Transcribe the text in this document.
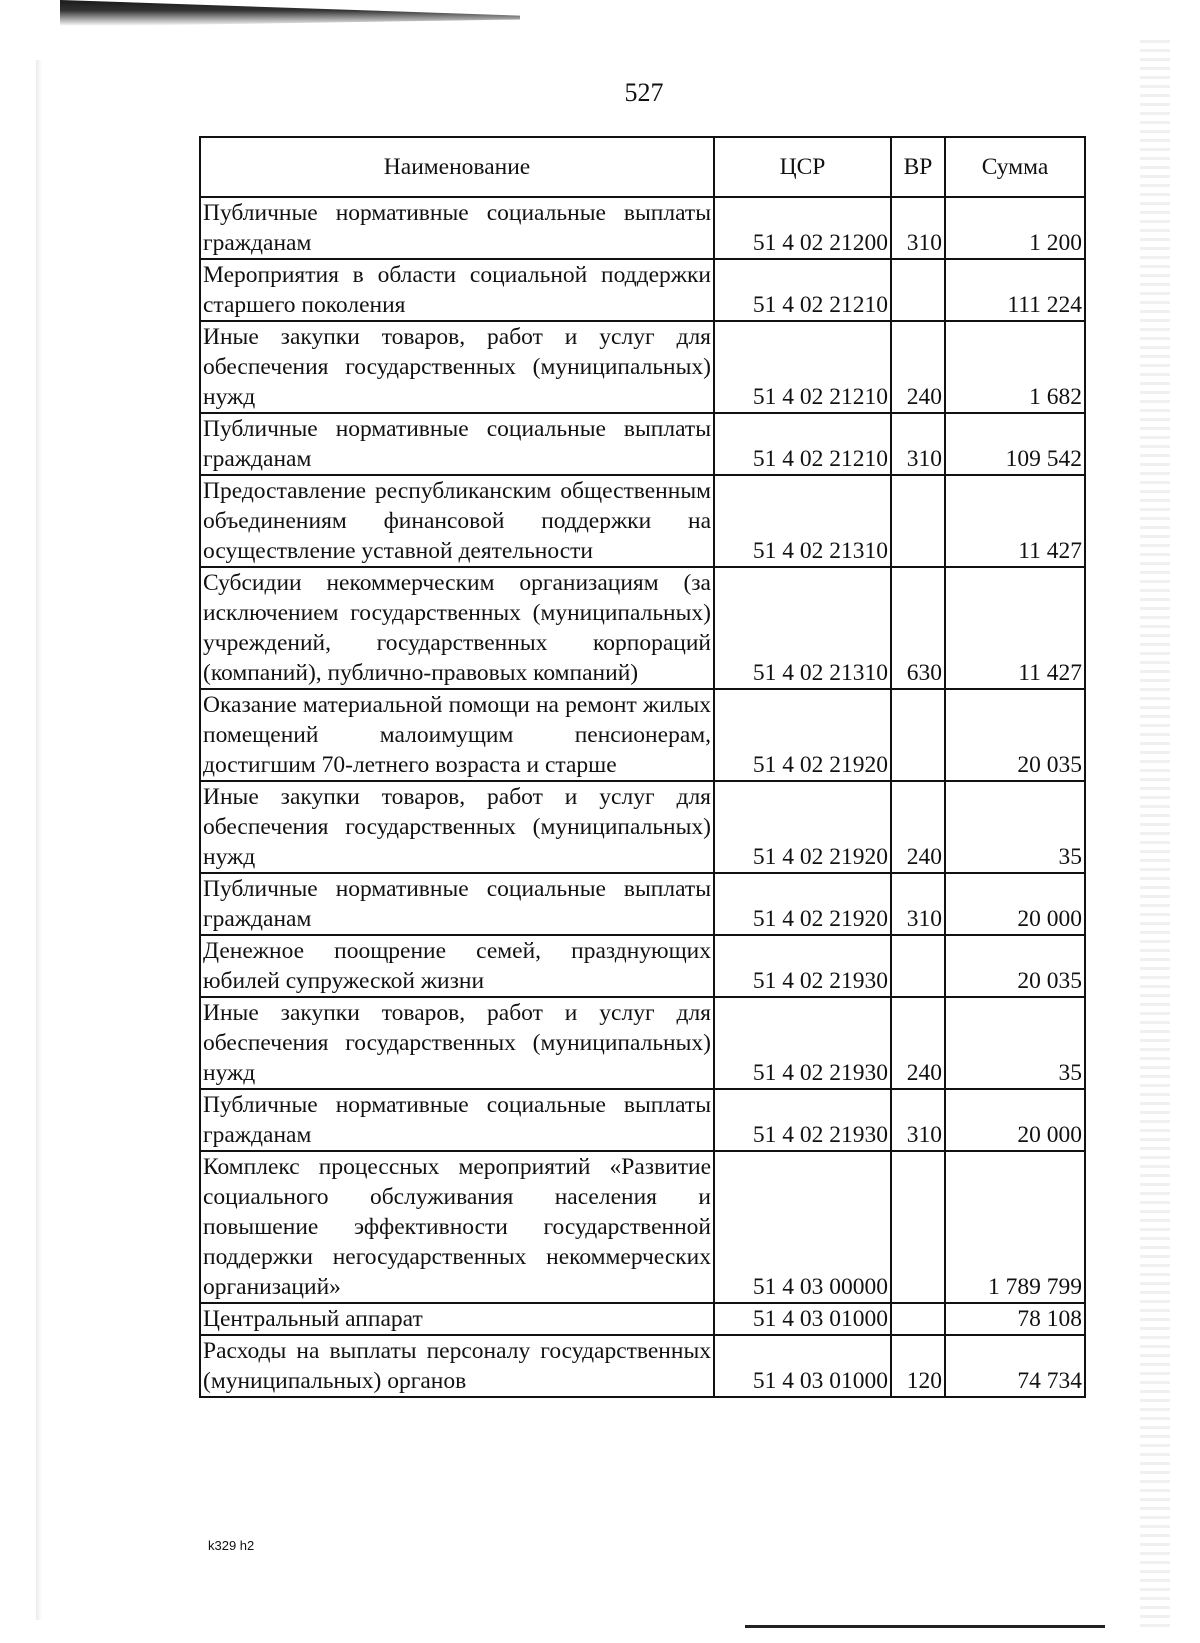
527
Наименование	ЦСР	ВР	Сумма
Публичные нормативные социальные выплаты гражданам	51 4 02 21200	310	1 200
Мероприятия в области социальной поддержки старшего поколения	51 4 02 21210		111 224
Иные закупки товаров, работ и услуг для обеспечения государственных (муниципальных) нужд	51 4 02 21210	240	1 682
Публичные нормативные социальные выплаты гражданам	51 4 02 21210	310	109 542
Предоставление республиканским общественным объединениям финансовой поддержки на осуществление уставной деятельности	51 4 02 21310		11 427
Субсидии некоммерческим организациям (за исключением государственных (муниципальных) учреждений, государственных корпораций (компаний), публично-правовых компаний)	51 4 02 21310	630	11 427
Оказание материальной помощи на ремонт жилых помещений малоимущим пенсионерам, достигшим 70-летнего возраста и старше	51 4 02 21920		20 035
Иные закупки товаров, работ и услуг для обеспечения государственных (муниципальных) нужд	51 4 02 21920	240	35
Публичные нормативные социальные выплаты гражданам	51 4 02 21920	310	20 000
Денежное поощрение семей, празднующих юбилей супружеской жизни	51 4 02 21930		20 035
Иные закупки товаров, работ и услуг для обеспечения государственных (муниципальных) нужд	51 4 02 21930	240	35
Публичные нормативные социальные выплаты гражданам	51 4 02 21930	310	20 000
Комплекс процессных мероприятий «Развитие социального обслуживания населения и повышение эффективности государственной поддержки негосударственных некоммерческих организаций»	51 4 03 00000		1 789 799
Центральный аппарат	51 4 03 01000		78 108
Расходы на выплаты персоналу государственных (муниципальных) органов	51 4 03 01000	120	74 734
k329 h2
